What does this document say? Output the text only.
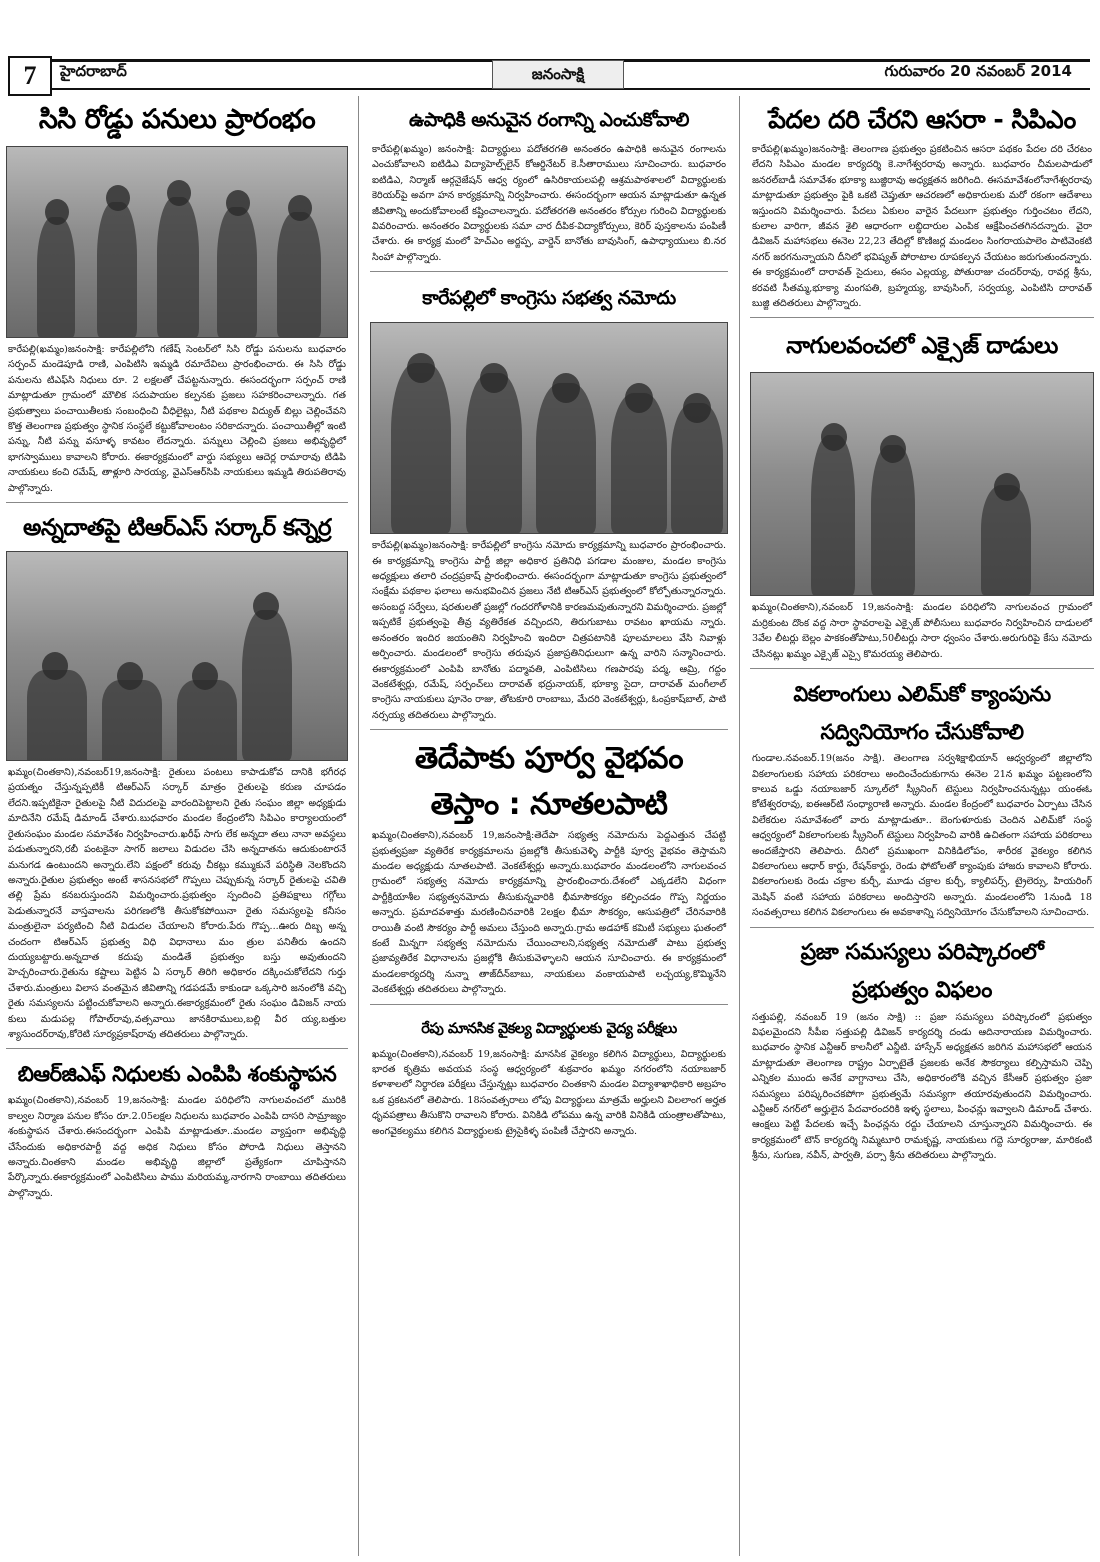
7	హైదరాబాద్	జనంసాక్షి	గురువారం 20 నవంబర్ 2014
సిసి రోడ్డు పనులు ప్రారంభం

కారేపల్లి(ఖమ్మం)జనంసాక్షి: కారేపల్లిలోని గణేష్ సెంటర్‌లో సిసి రోడ్డు పనులను బుధవారం సర్పంచ్ మండెపూడి రాణి, ఎంపిటిసి ఇమ్మడి రమాదేవిలు ప్రారంభించారు. ఈ సిసి రోడ్డు పనులను టిఎఫ్‌సి నిధులు రూ. 2 లక్షలతో చేపట్టనున్నారు. ఈసందర్భంగా సర్పంచ్ రాణి మాట్లాడుతూ గ్రామంలో మౌలిక సదుపాయల కల్పనకు ప్రజలు సహకరించాలన్నారు. గత ప్రభుత్వాలు పంచాయితీలకు సంబంధించి వీధిలైట్లు, నీటి పథకాల విద్యుత్ బిల్లు చెల్లించేవని కొత్త తెలంగాణ ప్రభుత్వం స్థానిక సంస్థలే కట్టుకోవాలంటం సరికాదన్నారు. పంచాయితీల్లో ఇంటి పన్ను, నీటి పన్ను వసూళ్ళ కావటం లేదన్నారు. పన్నులు చెల్లించి ప్రజలు అభివృద్ధిలో భాగస్వాములు కావాలని కోరారు. ఈకార్యక్రమంలో వార్డు సభ్యులు ఆదెర్ల రామారావు టిడిపి నాయకులు కంచి రమేష్, తాళ్లూరి సారయ్య, వైఎస్‌ఆర్‌సిపి నాయకులు ఇమ్మడి తిరుపతిరావు పాల్గొన్నారు.

అన్నదాతపై టిఆర్‌ఎస్ సర్కార్ కన్నెర్ర

ఖమ్మం(చింతకాని),నవంబర్19,జనంసాక్షి: రైతులు పంటలు కాపాడుకోవ దానికి భగీరధ ప్రయత్నం చేస్తున్నప్పటికీ టిఆర్‌ఎస్ సర్కార్ మాత్రం రైతులపై కరుణ చూపడం లేదని.ఇప్పటికైనా రైతులపై నీటి విదుదలపై వారందిపెట్టాలని రైతు సంఘం జిల్లా అధ్యక్షుడు మాదినేని రమేష్ డిమాండ్ చేశారు.బుధవారం మండల కేంద్రంలోని సిపిఎం కార్యాలయంలో రైతుసంఘం మండల సమావేశం నిర్వహించారు.ఖరీఫ్ సాగు లేక అన్నదా తలు నానా అవస్థలు పడుతున్నారని,రబీ పంటకైనా సాగర్ జలాలు విడుదల చేసి అన్నదాతను ఆదుకుంటారనే మనుగడ ఉంటుందని అన్నారు.లేని పక్షంలో కరువు చీకట్లు కమ్ముకునే పరిస్థితి నెలకొందని అన్నారు.రైతుల ప్రభుత్వం అంటే శాసనసభలో గొప్పలు చెప్పుకున్న సర్కార్ రైతులపై చవితి తల్లి ప్రేమ కనబరుస్తుందని విమర్శించారు.ప్రభుత్వం స్పందించి ప్రతిపక్షాలు గగ్గోలు పెడుతున్నారనే వాస్తవాలను పరిగణలోకి తీసుకోకపోయినా రైతు సమస్యలపై కనీసం మంత్రులైనా పర్యటించి నీటి విడుదల చేయాలని కోరారు.పేరు గొప్ప...ఊరు దిబ్బ అన్న చందంగా టిఆర్‌ఎస్ ప్రభుత్వ విధి విధానాలు మం త్రుల పనితీరు ఉందని దుయ్యబట్టారు.అన్నదాత కదుపు మండితే ప్రభుత్వం బస్తు అవుతుందని హెచ్చరించారు.రైతును కష్టాలు పెట్టిన ఏ సర్కార్ తిరిగి అధికారం దక్కించుకోలేదని గుర్తు చేశారు.మంత్రులు విలాస వంతమైన జీవితాన్ని గడపడమే కాకుండా ఒక్కసారి జనంలోకి వచ్చి రైతు సమస్యలను పట్టించుకోవాలని అన్నారు.ఈకార్యక్రమంలో రైతు సంఘం డివిజన్ నాయ కులు మడుపల్ల గోపాల్‌రావు,వత్సవాయి జానకిరాములు,బల్లి వీర య్య,బత్తుల శ్యాసుందర్‌రావు,కోరెటి సూర్యప్రకాష్‌రావు తదితరులు పాల్గొన్నారు.

బిఆర్‌జిఎఫ్ నిధులకు ఎంపిపి శంకుస్థాపన

ఖమ్మం(చింతకాని),నవంబర్ 19,జనంసాక్షి: మండల పరిధిలోని నాగులవంచలో మురికి కాల్వల నిర్మాణ పనుల కోసం రూ.2.05లక్షల నిధులను బుధవారం ఎంపిపి దాసరి సామ్రాజ్యం శంకుస్థాపన చేశారు.ఈసందర్భంగా ఎంపిపి మాట్లాడుతూ..మండల వ్యాప్తంగా అభివృద్ధి చేసేందుకు అధికారపార్టీ వద్ద అధిక నిధులు కోసం పోరాడి నిధులు తెస్తానని అన్నారు.చింతకాని మండల అభివృద్ధి జిల్లాలో ప్రత్యేకంగా చూపిస్తానని పేర్కొన్నారు.ఈకార్యక్రమంలో ఎంపిటిసిలు పాము మరియమ్మ,నారగాని రాంబాయి తదితరులు పాల్గొన్నారు.

ఉపాధికి అనువైన రంగాన్ని ఎంచుకోవాలి

కారేపల్లి(ఖమ్మం) జనంసాక్షి: విద్యార్థులు పదోతరగతి అనంతరం ఉపాధికి అనువైన రంగాలను ఎంచుకోవాలని ఐటిడిఎ విద్యాహెల్ప్‌లైన్ కోఆర్డినేటర్ కె.సీతారాములు సూచించారు. బుధవారం ఐటిడిఎ, నిర్మాణ్ ఆర్గనైజేషన్ ఆధ్వ ర్యంలో ఉసిరికాయలపల్లి ఆశ్రమపాఠశాలలో విద్యార్థులకు కెరియర్‌పై అవగా హన కార్యక్రమాన్ని నిర్వహించారు. ఈసందర్భంగా ఆయన మాట్లాడుతూ ఉన్నత జీవితాన్ని అందుకోవాలంటే కష్టించాలన్నారు. పదోతరగతి అనంతరం కోర్సుల గురించి విద్యార్థులకు వివరించారు. అనంతరం విద్యార్థులకు సమా చార దీపిక-విద్యాకోర్సులు, కెరిర్ పుస్తకాలను పంపిణీ చేశారు. ఈ కార్యక్ర మంలో హెచ్‌ఎం అర్జప్ప, వార్డెన్ బానోతు బావుసింగ్, ఉపాధ్యాయులు బి.నర సింహా పాల్గొన్నారు.

కారేపల్లిలో కాంగ్రెసు సభత్వ నమోదు

కారేపల్లి(ఖమ్మం)జనంసాక్షి: కారేపల్లిలో కాంగ్రెసు నమోదు కార్యక్రమాన్ని బుధవారం ప్రారంభించారు. ఈ కార్యక్రమాన్ని కాంగ్రెసు పార్టీ జిల్లా అధికార ప్రతినిధి పగడాల మంజుల, మండల కాంగ్రెసు అధ్యక్షులు తలారి చంద్రప్రకాష్ ప్రారంభించారు. ఈసందర్భంగా మాట్లాడుతూ కాంగ్రెసు ప్రభుత్వంలో సంక్షేమ పథకాల ఫలాలు అనుభవించిన ప్రజలు నేటి టిఆర్‌ఎస్ ప్రభుత్వంలో కోల్పోతున్నారన్నారు. అసంబద్ద సర్వేలు, షరతులతో ప్రజల్లో గందరగోళానికి కారణమవుతున్నారని విమర్శించారు. ప్రజల్లో ఇప్పటికే ప్రభుత్వంపై తీవ్ర వ్యతిరేకత వచ్చిందని, తిరుగుబాటు రావటం ఖాయమ న్నారు. అనంతరం ఇందిర జయంతిని నిర్వహించి ఇందిరా చిత్రపటానికి పూలమాలలు వేసి నివాళ్లు అర్పించారు. మండలంలో కాంగ్రెసు తరుపున ప్రజాప్రతినిధులుగా ఉన్న వారిని సన్మానించారు. ఈకార్యక్రమంలో ఎంపిపి బానోతు పద్మావతి, ఎంపిటిసిలు గణపారపు పద్మ, ఆమ్రి, గద్దం వెంకటేశ్వర్లు, రమేష్, సర్పంచ్‌లు దారావత్ భద్రునాయక్, భూక్యా సైదా, దారావత్ మంగీలాల్ కాంగ్రెసు నాయకులు పూనెం రాజు, తోటకూరి రాంబాబు, మేదరి వెంకటేశ్వర్లు, ఓంప్రకాష్‌బాల్, పాటి నర్సయ్య తదితరులు పాల్గొన్నారు.

తెదేపాకు పూర్వ వైభవం
తెస్తాం : నూతలపాటి

ఖమ్మం(చింతకాని),నవంబర్ 19,జనంసాక్షి:తెదేపా సభ్యత్వ నమోదును పెద్దఎత్తున చేపట్టి ప్రభుత్వప్రజా వ్యతిరేక కార్యక్రమాలను ప్రజల్లోకి తీసుకువెళ్ళి పార్టీకి పూర్వ వైభవం తెస్తామని మండల అధ్యక్షుడు నూతలపాటి. వెంకటేశ్వర్లు అన్నారు.బుధవారం మండలంలోని నాగులవంచ గ్రామంలో సభ్యత్వ నమోదు కార్యక్రమాన్ని ప్రారంభించారు.దేశంలో ఎక్కడలేని విధంగా పార్టీక్రియాశీల సభ్యత్వనమోదు తీసుకున్నవారికి భీమాసౌకర్యం కల్పించడం గొప్ప నిర్ణయం అన్నారు. ప్రమాదవశాత్తు మరణించినవారికి 2లక్షల భీమా సౌకర్యం, ఆసుపత్రిలో చేరినవారికి రాయితీ వంటి సౌకర్యం పార్టీ అమలు చేస్తుంది అన్నారు.గ్రామ అడహాక్ కమిటీ సభ్యులు ఘతంలో కంటే మిన్నగా సభ్యత్వ నమోదును చేయించాలని,సభ్యత్వ నమోదుతో పాటు ప్రభుత్వ ప్రజావ్యతిరేక విధానాలను ప్రజల్లోకి తీసుకువెళ్ళాలని ఆయన సూచించారు. ఈ కార్యక్రమంలో మండలకార్యదర్శి నున్నా తాజ్‌దీన్‌బాబు, నాయకులు వంకాయపాటి లచ్చయ్య,కొమ్మినేని వెంకటేశ్వర్లు తదితరులు పాల్గొన్నారు.

రేపు మానసిక వైకల్య విద్యార్థులకు వైద్య పరీక్షలు

ఖమ్మం(చింతకాని),నవంబర్ 19,జనంసాక్షి: మానసిక వైకల్యం కలిగిన విద్యార్థులు, విద్యార్థులకు భారత కృత్రిమ అవయవ సంస్థ ఆధ్వర్యంలో శుక్రవారం ఖమ్మం నగరంలోని నయాబజార్ కళాశాలలో నిర్థారణ పరీక్షలు చేస్తున్నట్లు బుధవారం చింతకాని మండల విద్యాశాఖాధికారి అబ్రహం ఒక ప్రకటనలో తెలిపారు. 18సంవత్సరాలు లోపు విద్యార్థులు మాత్రమే అర్హులని విలలాంగ అర్హత ధృవపత్రాలు తీసుకొని రావాలని కోరారు. వినికిడి లోపము ఉన్న వారికి వినికిడి యంత్రాలతోపాటు, అంగవైకల్యము కలిగిన విద్యార్థులకు ట్రైసైకిళ్ళ పంపిణీ చేస్తారని అన్నారు.

పేదల దరి చేరని ఆసరా - సిపిఎం

కారేపల్లి(ఖమ్మం)జనంసాక్షి: తెలంగాణ ప్రభుత్వం ప్రకటించిన ఆసరా పథకం పేదల దరి చేరటం లేదని సిపిఎం మండల కార్యదర్శి కె.నాగేశ్వరరావు అన్నారు. బుధవారం చీమలపాడులో జనరల్‌బాడీ సమావేశం భూక్యా బుజ్జిరావు అధ్యక్షతన జరిగింది. ఈసమావేశంలోనాగేశ్వరరావు మాట్లాడుతూ ప్రభుత్వం పైకి ఒకటి చెప్తుతూ ఆచరణలో అధికారులకు మరో రకంగా ఆదేశాలు ఇస్తుందని విమర్శించారు. పేదలు ఏకులం వారైన పేదలుగా ప్రభుత్వం గుర్తించటం లేదని, కులాల వారిగా, జీవన శైలి ఆధారంగా లబ్ధిదారుల ఎంపిక ఆక్షేపించతగినదన్నారు. వైరా డివిజన్ మహాసభలు ఈనెల 22,23 తేదిల్లో కొణిజర్ల మండలం సింగరాయపాలెం పాటివెంకటి నగర్ జరగనున్నాయని దీనిలో భవిష్యత్ పోరాటాల రూపకల్పన చేయటం జరుగుతుందన్నారు. ఈ కార్యక్రమంలో దారావత్ సైదులు, ఈసం ఎల్లయ్య, పోతురాజు చందర్‌రావు, రావర్ల శ్రీను, కరవటి సీతమ్మ,భూక్యా మంగపతి, బ్రహ్మయ్య, బావుసింగ్, సర్వయ్య, ఎంపిటిసి దారావత్ బుజ్జి తదితరులు పాల్గొన్నారు.

నాగులవంచలో ఎక్సైజ్ దాడులు

ఖమ్మం(చింతకాని),నవంబర్ 19,జనంసాక్షి: మండల పరిధిలోని నాగులవంచ గ్రామంలో మర్రికుంట దొంక వద్ద సారా స్థావరాలపై ఎక్సైజ్ పోలీసులు బుధవారం నిర్వహించిన దాడులలో 3వేల లీటర్లు బెల్లం పాకకంతోపాటు,50లీటర్లు సారా ధ్వంసం చేశారు.అరుగురిపై కేసు నమోదు చేసినట్లు ఖమ్మం ఎక్సైజ్ ఎస్సై కొమరయ్య తెలిపారు.

వికలాంగులు ఎలిమ్‌కో క్యాంపును
సద్వినియోగం చేసుకోవాలి

గుండాల.నవంబర్.19(జనం సాక్షి). తెలంగాణ సర్వశిక్షాభియాన్ ఆధ్వర్యంలో జిల్లాలోని వికలాంగులకు సహాయ పరికరాలు అందించేందుకుగాను ఈనెల 21న ఖమ్మం పట్టణంలోని కాలువ ఒడ్డు నయాబజార్ స్కూల్‌లో స్క్రీనింగ్ టెస్టులు నిర్వహించనున్నట్లు యంఈఓ కోటేశ్వరరావు, ఐఈఆర్‌టి సంధ్యారాణి అన్నారు. మండల కేంద్రంలో బుధవారం ఏర్పాటు చేసిన విలేకరుల సమావేశంలో వారు మాట్లాడుతూ.. బెంగుళూరుకు చెందిన ఎలిమ్‌కో సంస్థ ఆధ్వర్యంలో వికలాంగులకు స్క్రీనింగ్ టెస్టులు నిర్వహించి వారికి ఉచితంగా సహాయ పరికరాలు అందజేస్తారని తెలిపారు. దీనిలో ప్రముఖంగా వినికిడిలోపం, శారీరక వైకల్యం కలిగిన వికలాంగులు ఆధార్ కార్డు, రేషన్‌కార్డు, రెండు ఫోటోలతో క్యాంపుకు హాజరు కావాలని కోరారు. వికలాంగులకు రెండు చక్రాల కుర్చీ, మూడు చక్రాల కుర్చీ, క్యాలిపర్స్, ట్రైలెర్సు, హియరింగ్ మెషిన్ వంటి సహాయ పరికరాలు అందిస్తారని అన్నారు. మండలంలోని 1నుండి 18 సంవత్సరాలు కలిగిన వికలాంగులు ఈ అవకాశాన్ని సద్వినియోగం చేసుకోవాలని సూచించారు.

ప్రజా సమస్యలు పరిష్కారంలో
ప్రభుత్వం విఫలం

సత్తుపల్లి, నవంబర్ 19 (జనం సాక్షి) :: ప్రజా సమస్యలు పరిష్కారంలో ప్రభుత్వం విఫలమైందని సీపీఐ సత్తుపల్లి డివిజన్ కార్యదర్శి దండు ఆదినారాయణ విమర్శించారు. బుధవారం స్థానిక ఎన్టీఆర్ కాలనీలో ఎన్జీటి. హాస్సేన్ అధ్యక్షతన జరిగిన మహాసభలో ఆయన మాట్లాడుతూ తెలంగాణ రాష్ట్రం ఏర్పాటైతే ప్రజలకు అనేక సౌకర్యాలు కల్పిస్తామని చెప్పి ఎన్నికల ముందు అనేక వాగ్దానాలు చేసి, అధికారంలోకి వచ్చిన కేసీఆర్ ప్రభుత్వం ప్రజా సమస్యలు పరిష్కరించకపోగా ప్రభుత్వమే సమస్యగా తయారవుతుందని విమర్శించారు. ఎన్టీఆర్ నగర్‌లో అర్హులైన పేదవారందరికి ఇళ్ళ స్థలాలు, పింఛన్లు ఇవ్వాలని డిమాండ్ చేశారు. ఆంక్షలు పెట్టి పేదలకు ఇచ్చే పింఛన్లను రద్దు చేయాలని చూస్తున్నారని విమర్శించారు. ఈ కార్యక్రమంలో టౌన్ కార్యదర్శి నిమ్మటూరి రామకృష్ణ, నాయకులు గద్దె సూర్యరాజు, మారికంటి శ్రీను, సుగుణ, నవీన్, పార్వతి, పర్సా శ్రీను తదితరులు పాల్గొన్నారు.
